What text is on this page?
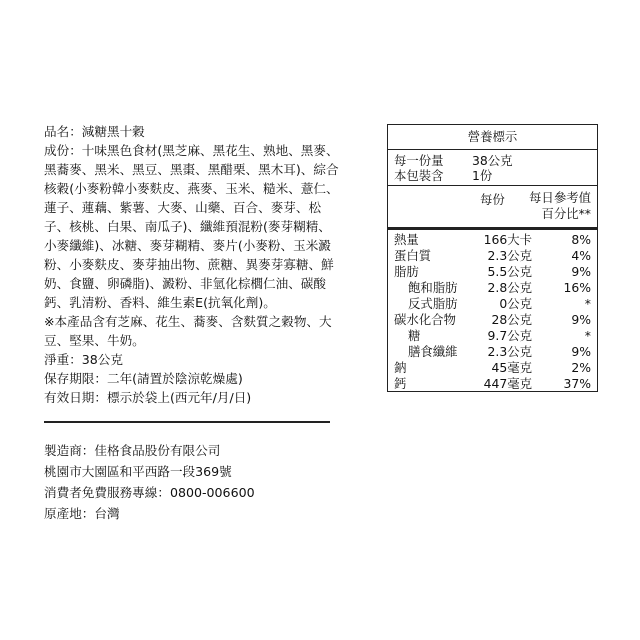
品名：減糖黑十穀

成份：十味黑色食材(黑芝麻、黑花生、熟地、黑麥、黑蕎麥、黑米、黑豆、黑棗、黑醋栗、黑木耳)、綜合核穀(小麥粉韓小麥麩皮、燕麥、玉米、糙米、薏仁、蓮子、蓮藕、紫薯、大麥、山藥、百合、麥芽、松子、核桃、白果、南瓜子)、纖維預混粉(麥芽糊精、小麥纖維)、冰糖、麥芽糊精、麥片(小麥粉、玉米澱粉、小麥麩皮、麥芽抽出物、蔗糖、異麥芽寡糖、鮮奶、食鹽、卵磷脂)、澱粉、非氫化棕櫚仁油、碳酸鈣、乳清粉、香料、維生素E(抗氧化劑)。

※本產品含有芝麻、花生、蕎麥、含麩質之穀物、大豆、堅果、牛奶。

淨重：38公克

保存期限：二年(請置於陰涼乾燥處)

有效日期：標示於袋上(西元年/月/日)

製造商：佳格食品股份有限公司
桃園市大園區和平西路一段369號
消費者免費服務專線：0800-006600
原產地：台灣
營養標示
每一份量	38公克
本包裝含	1份
每份 每日參考值
百分比**
熱量	166大卡	8%
蛋白質	2.3公克	4%
脂肪	5.5公克	9%
飽和脂肪	2.8公克	16%
反式脂肪	0公克	*
碳水化合物	28公克	9%
糖	9.7公克	*
膳食纖維	2.3公克	9%
鈉	45毫克	2%
鈣	447毫克	37%
